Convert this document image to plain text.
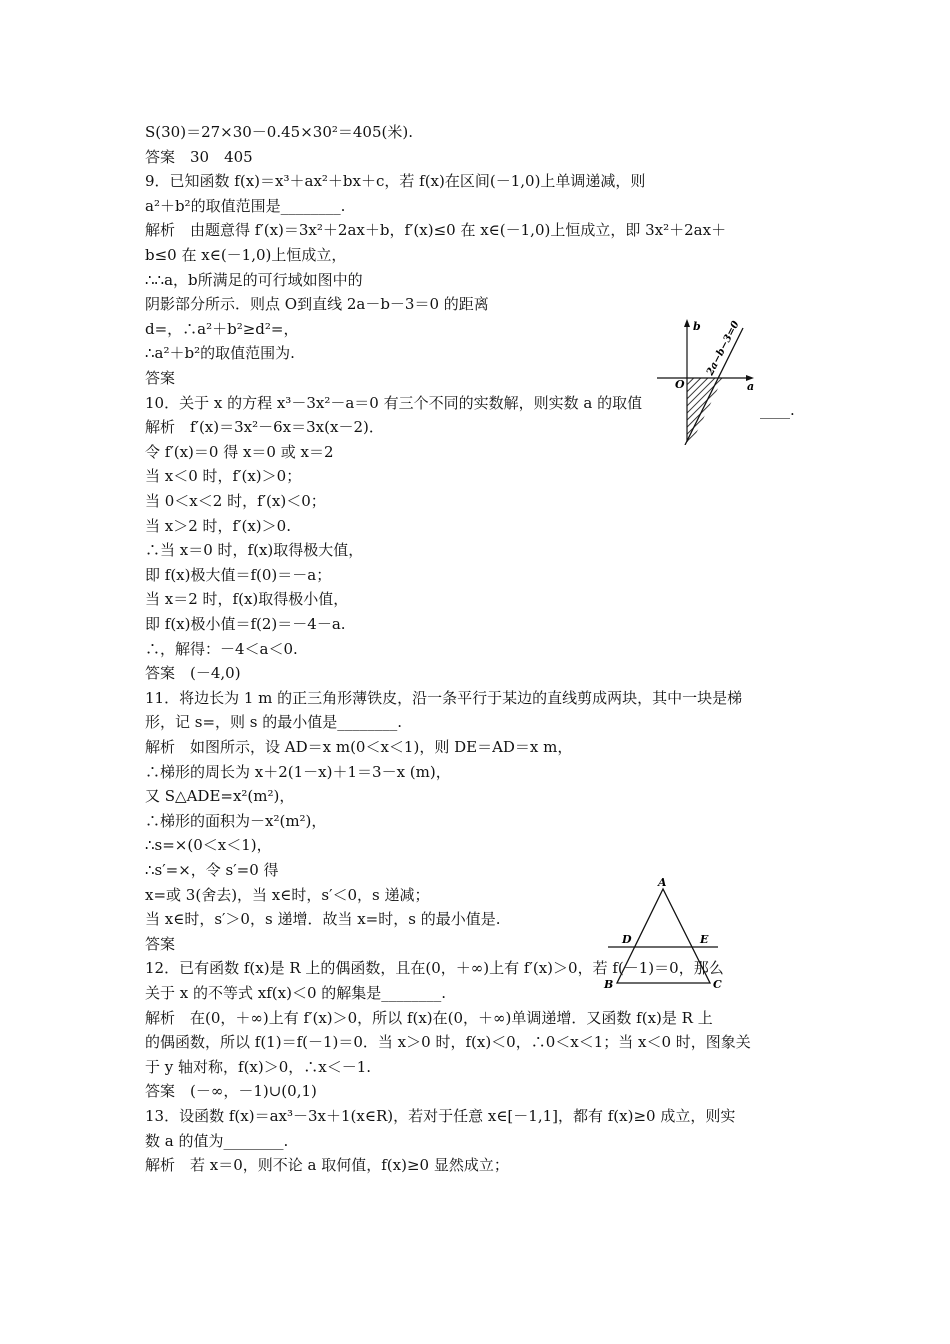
S(30)＝27×30－0.45×30²＝405(米).
答案　30　405
9．已知函数 f(x)＝x³＋ax²＋bx＋c，若 f(x)在区间(－1,0)上单调递减，则
a²＋b²的取值范围是________.
解析　由题意得 f′(x)＝3x²＋2ax＋b，f′(x)≤0 在 x∈(－1,0)上恒成立，即 3x²＋2ax＋
b≤0 在 x∈(－1,0)上恒成立，
∴∴a，b所满足的可行域如图中的
阴影部分所示．则点 O到直线 2a－b－3＝0 的距离
d=，∴a²＋b²≥d²=，
∴a²＋b²的取值范围为.
答案
10．关于 x 的方程 x³－3x²－a＝0 有三个不同的实数解，则实数 a 的取值
解析　f′(x)＝3x²－6x＝3x(x－2)．
令 f′(x)＝0 得 x＝0 或 x＝2
当 x＜0 时，f′(x)＞0；
当 0＜x＜2 时，f′(x)＜0；
当 x＞2 时，f′(x)＞0.
∴当 x＝0 时，f(x)取得极大值，
即 f(x)极大值＝f(0)＝－a；
当 x＝2 时，f(x)取得极小值，
即 f(x)极小值＝f(2)＝－4－a.
∴，解得：－4＜a＜0.
答案　(－4,0)
11．将边长为 1 m 的正三角形薄铁皮，沿一条平行于某边的直线剪成两块，其中一块是梯
形，记 s=，则 s 的最小值是________.
解析　如图所示，设 AD＝x m(0＜x＜1)，则 DE＝AD＝x m，
∴梯形的周长为 x＋2(1－x)＋1＝3－x (m)，
又 S△ADE=x²(m²)，
∴梯形的面积为－x²(m²)，
∴s=×(0＜x＜1)，
∴s′=×，令 s′=0 得
x=或 3(舍去)，当 x∈时，s′＜0，s 递减；
当 x∈时，s′＞0，s 递增．故当 x=时，s 的最小值是.
答案
12．已有函数 f(x)是 R 上的偶函数，且在(0，＋∞)上有 f′(x)＞0，若 f(－1)＝0，那么
关于 x 的不等式 xf(x)＜0 的解集是________.
解析　在(0，＋∞)上有 f′(x)＞0，所以 f(x)在(0，＋∞)单调递增．又函数 f(x)是 R 上
的偶函数，所以 f(1)＝f(－1)＝0．当 x＞0 时，f(x)＜0，∴0＜x＜1；当 x＜0 时，图象关
于 y 轴对称，f(x)＞0，∴x＜－1.
答案　(－∞，－1)∪(0,1)
13．设函数 f(x)＝ax³－3x＋1(x∈R)，若对于任意 x∈[－1,1]，都有 f(x)≥0 成立，则实
数 a 的值为________.
解析　若 x＝0，则不论 a 取何值，f(x)≥0 显然成立；
b
a
O
2a−b−3=0
____.
A
B	C
D	E
